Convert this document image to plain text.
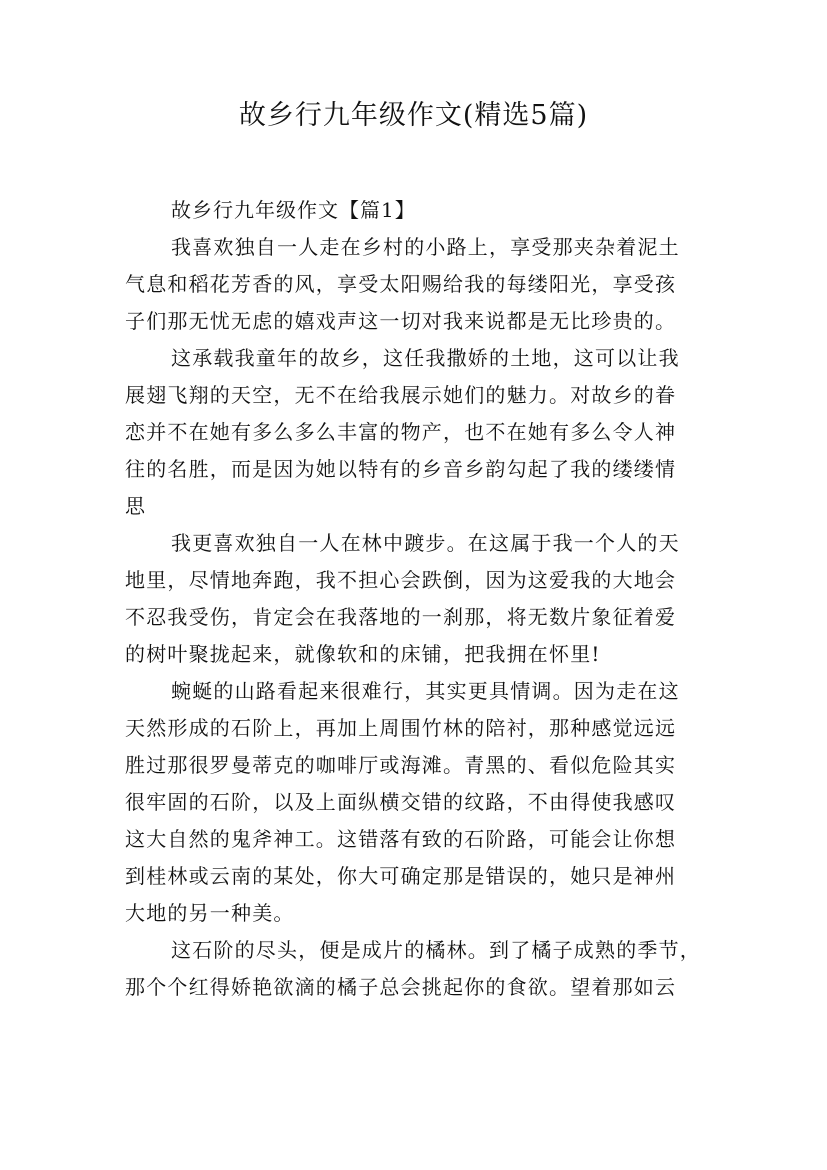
故乡行九年级作文(精选5篇)

故乡行九年级作文【篇1】

我喜欢独自一人走在乡村的小路上，享受那夹杂着泥土
气息和稻花芳香的风，享受太阳赐给我的每缕阳光，享受孩
子们那无忧无虑的嬉戏声这一切对我来说都是无比珍贵的。

这承载我童年的故乡，这任我撒娇的土地，这可以让我
展翅飞翔的天空，无不在给我展示她们的魅力。对故乡的眷
恋并不在她有多么多么丰富的物产，也不在她有多么令人神
往的名胜，而是因为她以特有的乡音乡韵勾起了我的缕缕情
思

我更喜欢独自一人在林中踱步。在这属于我一个人的天
地里，尽情地奔跑，我不担心会跌倒，因为这爱我的大地会
不忍我受伤，肯定会在我落地的一刹那，将无数片象征着爱
的树叶聚拢起来，就像软和的床铺，把我拥在怀里!

蜿蜒的山路看起来很难行，其实更具情调。因为走在这
天然形成的石阶上，再加上周围竹林的陪衬，那种感觉远远
胜过那很罗曼蒂克的咖啡厅或海滩。青黑的、看似危险其实
很牢固的石阶，以及上面纵横交错的纹路，不由得使我感叹
这大自然的鬼斧神工。这错落有致的石阶路，可能会让你想
到桂林或云南的某处，你大可确定那是错误的，她只是神州
大地的另一种美。

这石阶的尽头，便是成片的橘林。到了橘子成熟的季节，
那个个红得娇艳欲滴的橘子总会挑起你的食欲。望着那如云
